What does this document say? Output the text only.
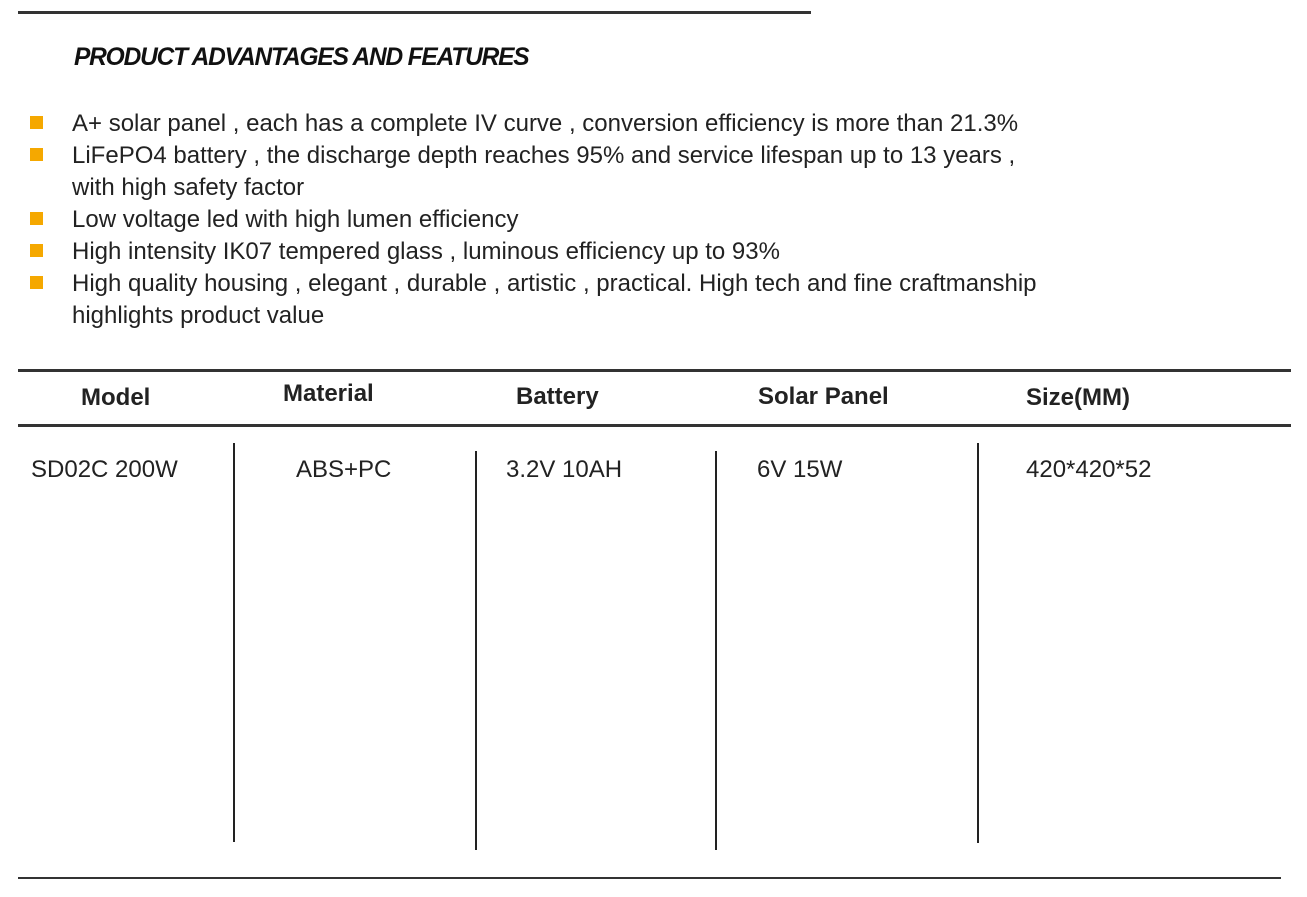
PRODUCT ADVANTAGES AND FEATURES
A+ solar panel , each has a complete IV curve , conversion efficiency is more than 21.3%
LiFePO4 battery , the discharge depth reaches 95% and service lifespan up to 13 years ,
with high safety factor
Low voltage led with high lumen efficiency
High intensity IK07 tempered glass , luminous efficiency up to 93%
High quality housing , elegant , durable , artistic , practical. High tech and fine craftmanship
highlights product value
Model	Material	Battery	Solar Panel	Size(MM)
SD02C 200W	ABS+PC	3.2V 10AH	6V 15W	420*420*52
